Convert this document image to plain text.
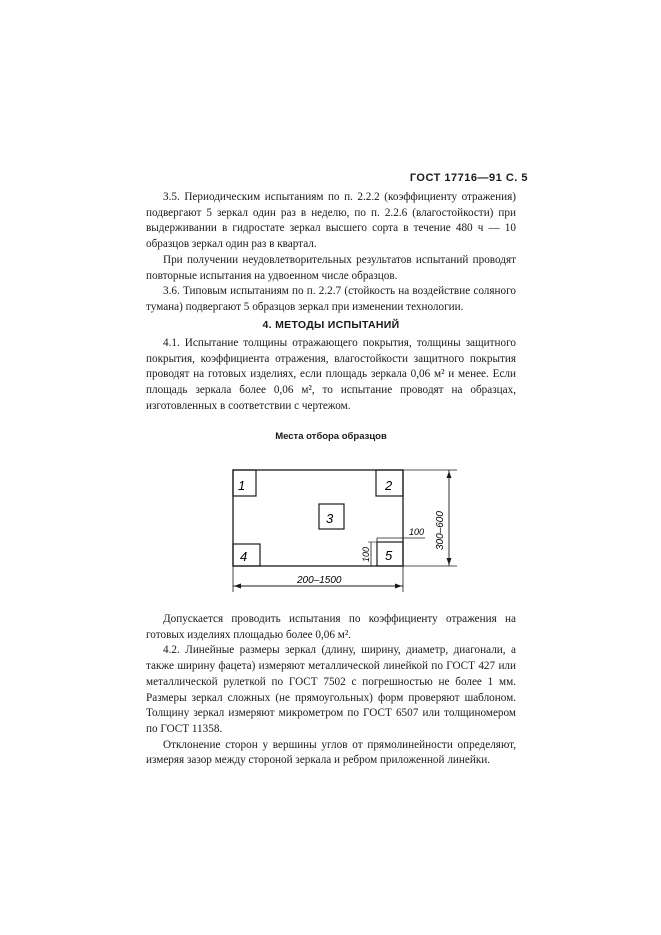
ГОСТ 17716—91 С. 5

3.5. Периодическим испытаниям по п. 2.2.2 (коэффициенту отражения) подвергают 5 зеркал один раз в неделю, по п. 2.2.6 (влагостойкости) при выдерживании в гидростате зеркал высшего сорта в течение 480 ч — 10 образцов зеркал один раз в квартал.

При получении неудовлетворительных результатов испытаний проводят повторные испытания на удвоенном числе образцов.

3.6. Типовым испытаниям по п. 2.2.7 (стойкость на воздействие соляного тумана) подвергают 5 образцов зеркал при изменении технологии.

4. МЕТОДЫ ИСПЫТАНИЙ

4.1. Испытание толщины отражающего покрытия, толщины защитного покрытия, коэффициента отражения, влагостойкости защитного покрытия проводят на готовых изделиях, если площадь зеркала 0,06 м² и менее. Если площадь зеркала более 0,06 м², то испытание проводят на образцах, изготовленных в соответствии с чертежом.

Места отбора образцов
1	2
3
4	5
100
100
300–600
200–1500

Допускается проводить испытания по коэффициенту отражения на готовых изделиях площадью более 0,06 м².

4.2. Линейные размеры зеркал (длину, ширину, диаметр, диагонали, а также ширину фацета) измеряют металлической линейкой по ГОСТ 427 или металлической рулеткой по ГОСТ 7502 с погрешностью не более 1 мм. Размеры зеркал сложных (не прямоугольных) форм проверяют шаблоном. Толщину зеркал измеряют микрометром по ГОСТ 6507 или толщиномером по ГОСТ 11358.

Отклонение сторон у вершины углов от прямолинейности определяют, измеряя зазор между стороной зеркала и ребром приложенной линейки.
